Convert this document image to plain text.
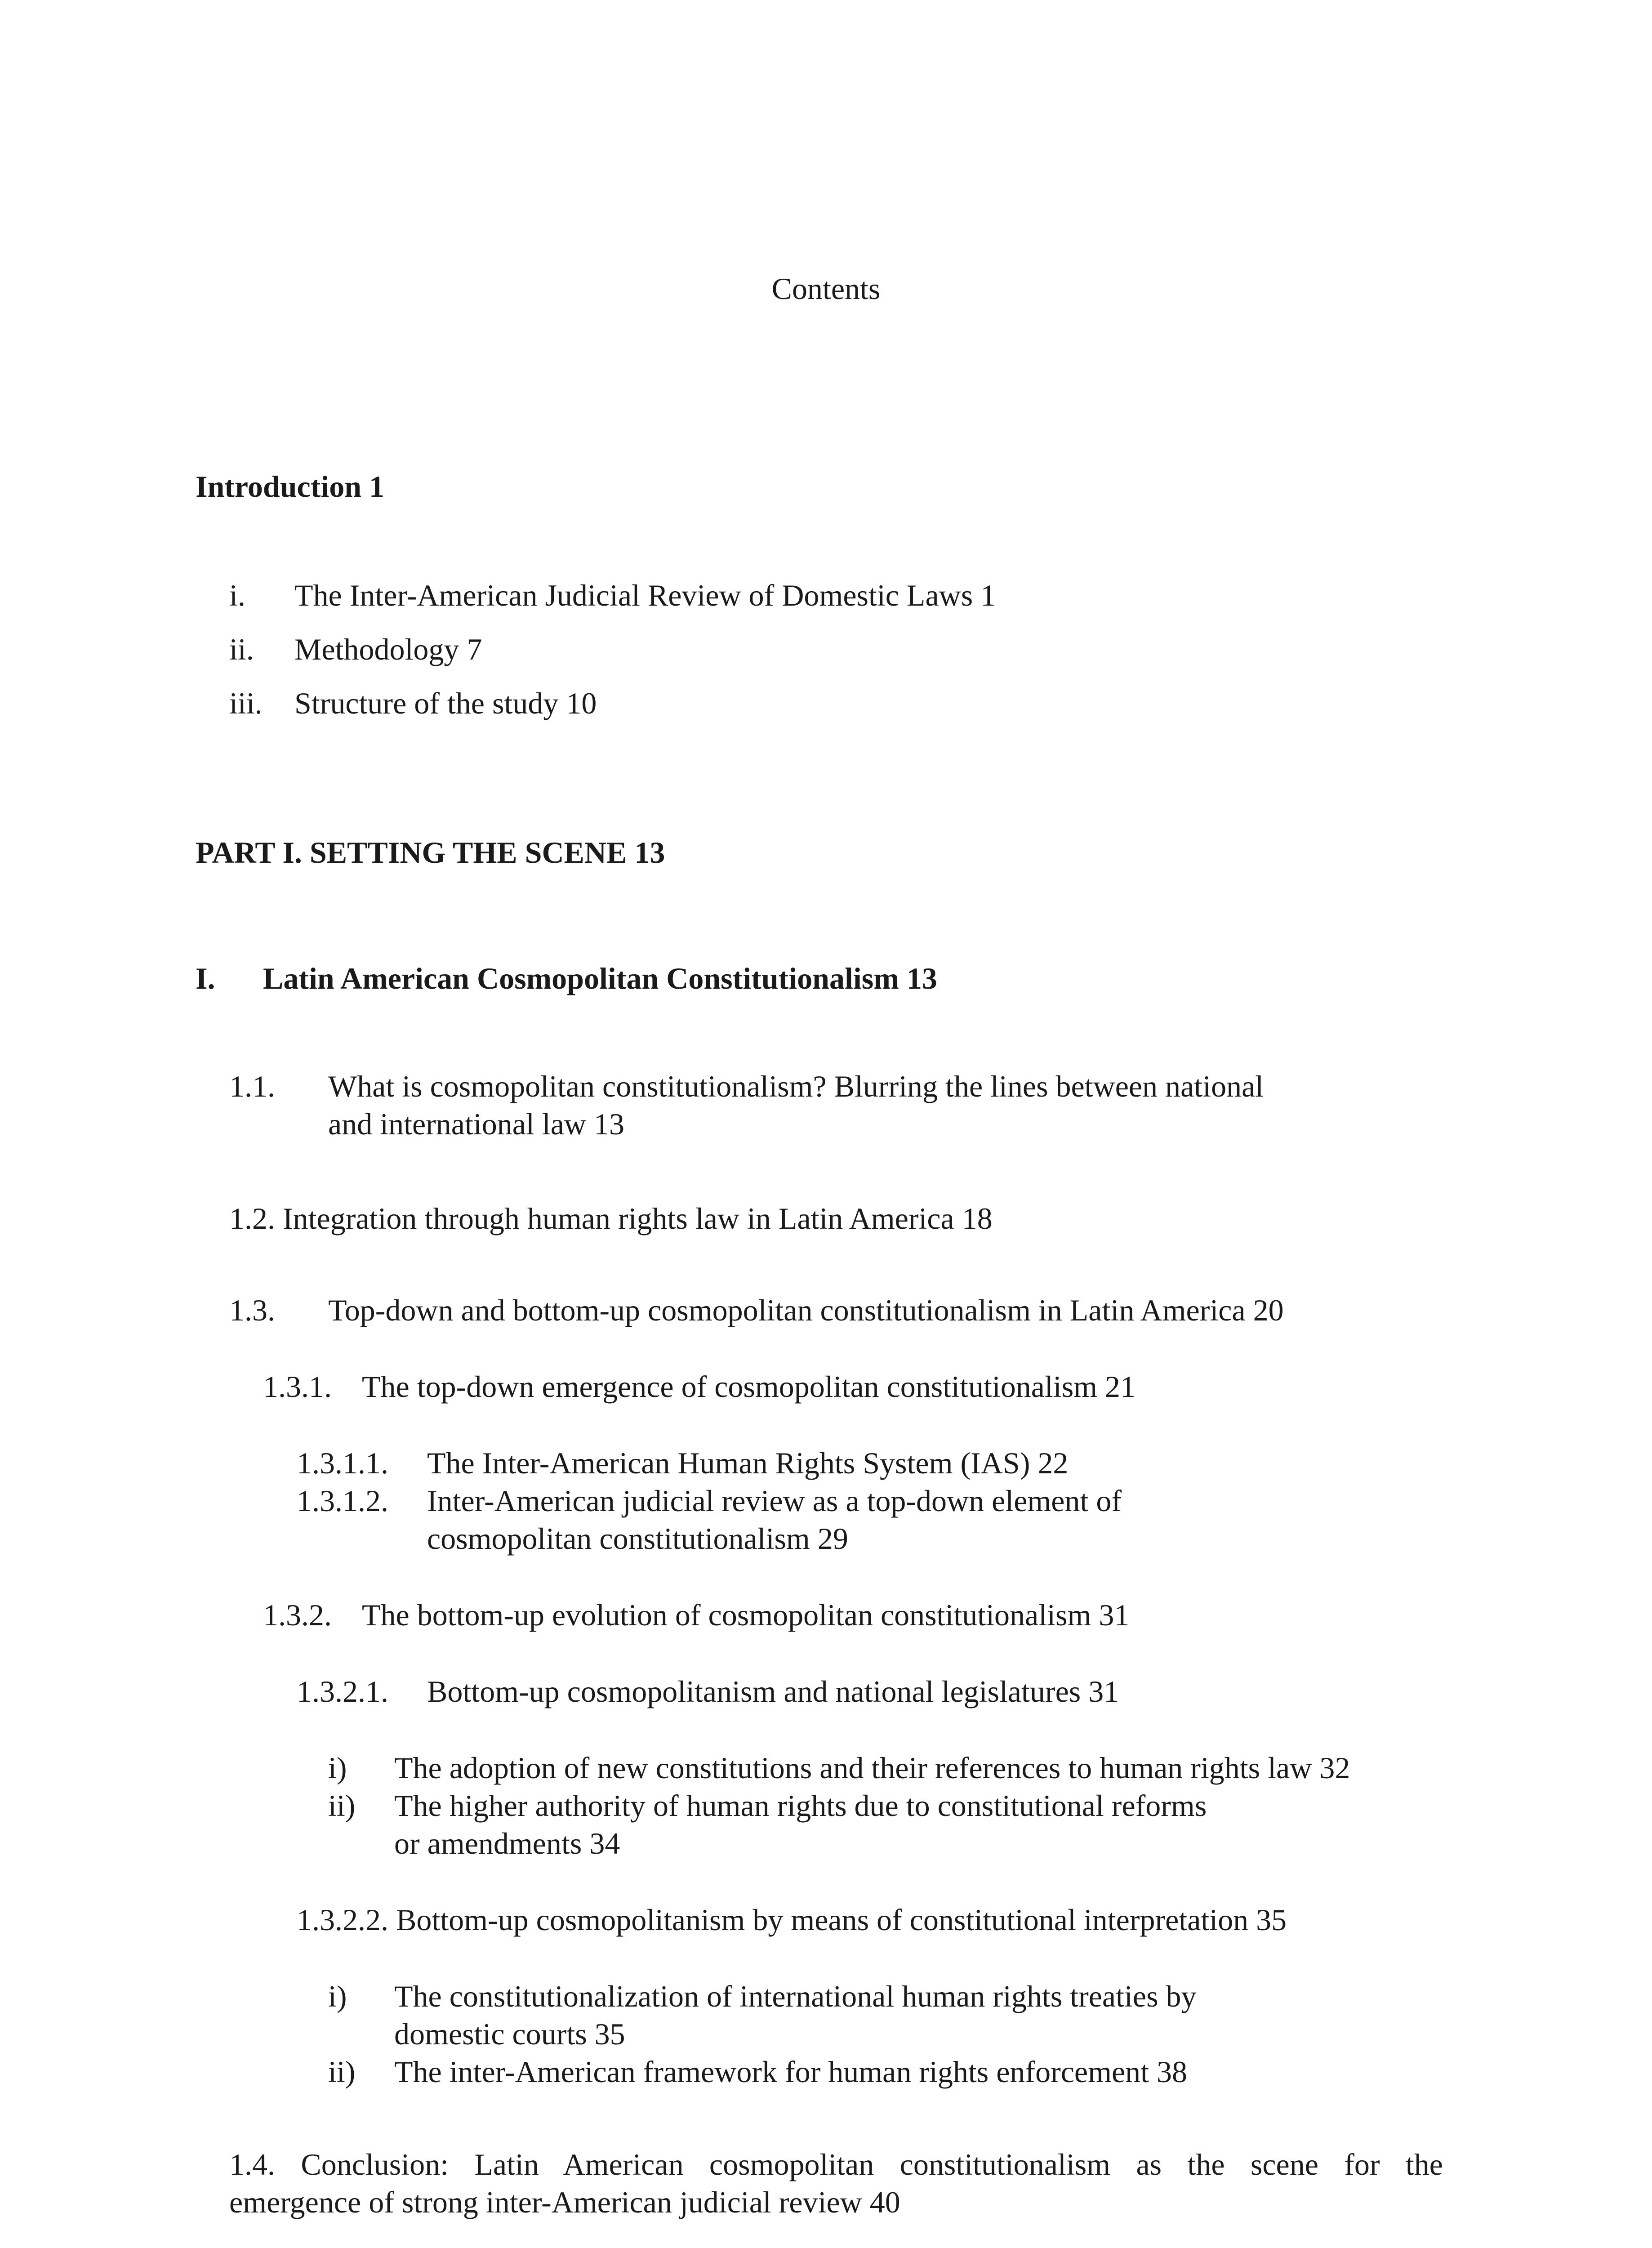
Contents
Introduction 1
i. The Inter-American Judicial Review of Domestic Laws 1
ii. Methodology 7
iii. Structure of the study 10
PART I. SETTING THE SCENE 13
I. Latin American Cosmopolitan Constitutionalism 13
1.1. What is cosmopolitan constitutionalism? Blurring the lines between national
and international law 13
1.2. Integration through human rights law in Latin America 18
1.3. Top-down and bottom-up cosmopolitan constitutionalism in Latin America 20
1.3.1. The top-down emergence of cosmopolitan constitutionalism 21
1.3.1.1. The Inter-American Human Rights System (IAS) 22
1.3.1.2. Inter-American judicial review as a top-down element of
cosmopolitan constitutionalism 29
1.3.2. The bottom-up evolution of cosmopolitan constitutionalism 31
1.3.2.1. Bottom-up cosmopolitanism and national legislatures 31
i) The adoption of new constitutions and their references to human rights law 32
ii) The higher authority of human rights due to constitutional reforms
or amendments 34
1.3.2.2. Bottom-up cosmopolitanism by means of constitutional interpretation 35
i) The constitutionalization of international human rights treaties by
domestic courts 35
ii) The inter-American framework for human rights enforcement 38
1.4. Conclusion: Latin American cosmopolitan constitutionalism as the scene for the
emergence of strong inter-American judicial review 40
